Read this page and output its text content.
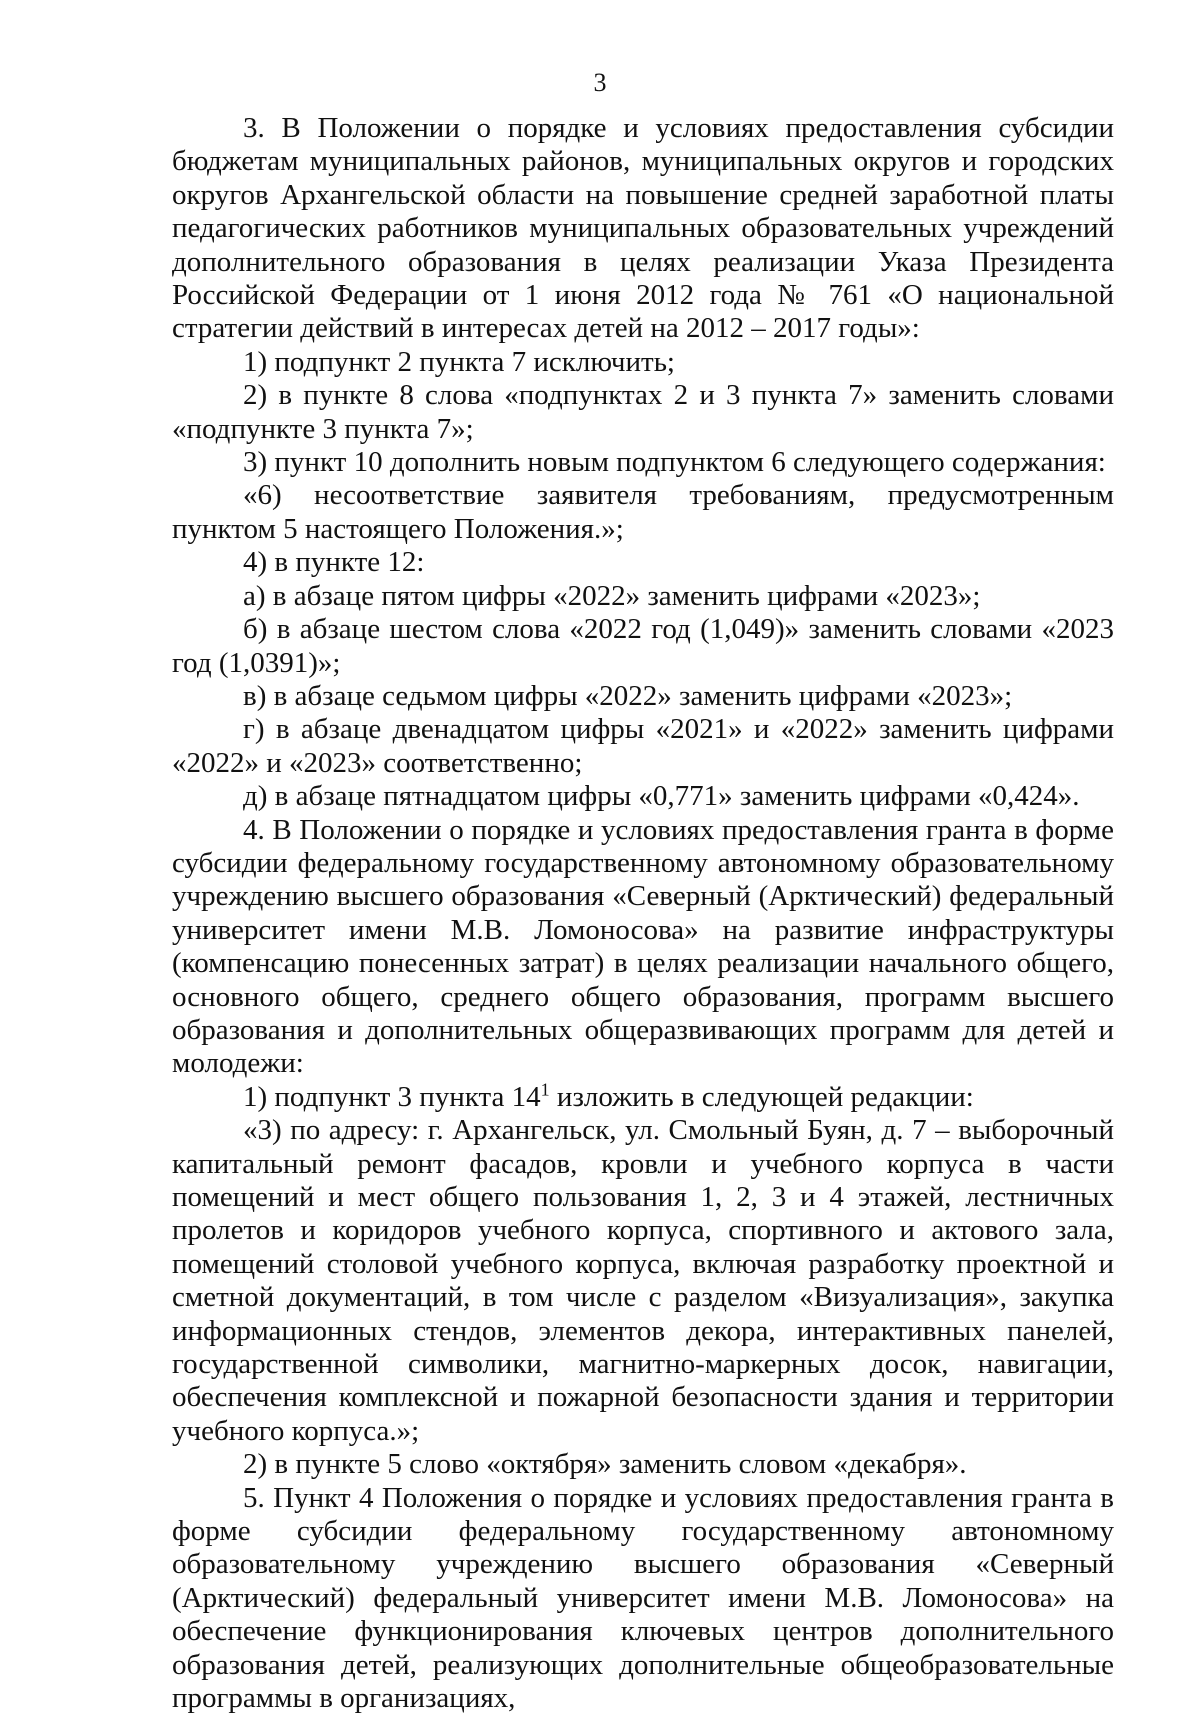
3

3. В Положении о порядке и условиях предоставления субсидии бюджетам муниципальных районов, муниципальных округов и городских округов Архангельской области на повышение средней заработной платы педагогических работников муниципальных образовательных учреждений дополнительного образования в целях реализации Указа Президента Российской Федерации от 1 июня 2012 года № 761 «О национальной стратегии действий в интересах детей на 2012 – 2017 годы»:

1) подпункт 2 пункта 7 исключить;

2) в пункте 8 слова «подпунктах 2 и 3 пункта 7» заменить словами «подпункте 3 пункта 7»;

3) пункт 10 дополнить новым подпунктом 6 следующего содержания:

«6) несоответствие заявителя требованиям, предусмотренным пунктом 5 настоящего Положения.»;

4) в пункте 12:

а) в абзаце пятом цифры «2022» заменить цифрами «2023»;

б) в абзаце шестом слова «2022 год (1,049)» заменить словами «2023 год (1,0391)»;

в) в абзаце седьмом цифры «2022» заменить цифрами «2023»;

г) в абзаце двенадцатом цифры «2021» и «2022» заменить цифрами «2022» и «2023» соответственно;

д) в абзаце пятнадцатом цифры «0,771» заменить цифрами «0,424».

4. В Положении о порядке и условиях предоставления гранта в форме субсидии федеральному государственному автономному образовательному учреждению высшего образования «Северный (Арктический) федеральный университет имени М.В. Ломоносова» на развитие инфраструктуры (компенсацию понесенных затрат) в целях реализации начального общего, основного общего, среднего общего образования, программ высшего образования и дополнительных общеразвивающих программ для детей и молодежи:

1) подпункт 3 пункта $14^1$ изложить в следующей редакции:

«3) по адресу: г. Архангельск, ул. Смольный Буян, д. 7 – выборочный капитальный ремонт фасадов, кровли и учебного корпуса в части помещений и мест общего пользования 1, 2, 3 и 4 этажей, лестничных пролетов и коридоров учебного корпуса, спортивного и актового зала, помещений столовой учебного корпуса, включая разработку проектной и сметной документаций, в том числе с разделом «Визуализация», закупка информационных стендов, элементов декора, интерактивных панелей, государственной символики, магнитно-маркерных досок, навигации, обеспечения комплексной и пожарной безопасности здания и территории учебного корпуса.»;

2) в пункте 5 слово «октября» заменить словом «декабря».

5. Пункт 4 Положения о порядке и условиях предоставления гранта в форме субсидии федеральному государственному автономному образовательному учреждению высшего образования «Северный (Арктический) федеральный университет имени М.В. Ломоносова» на обеспечение функционирования ключевых центров дополнительного образования детей, реализующих дополнительные общеобразовательные программы в организациях,
